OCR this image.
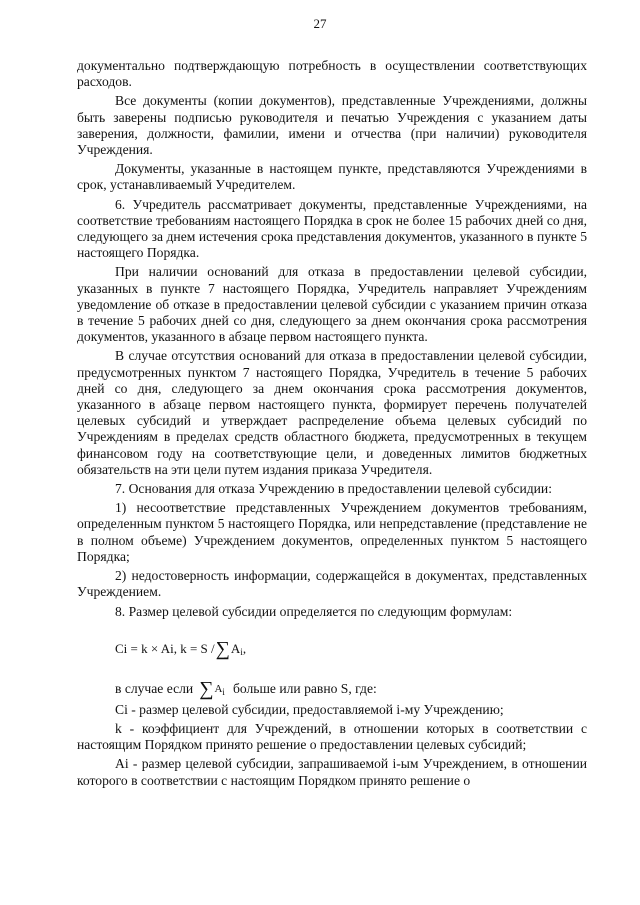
27

документально подтверждающую потребность в осуществлении соответствующих расходов.

Все документы (копии документов), представленные Учреждениями, должны быть заверены подписью руководителя и печатью Учреждения с указанием даты заверения, должности, фамилии, имени и отчества (при наличии) руководителя Учреждения.

Документы, указанные в настоящем пункте, представляются Учреждениями в срок, устанавливаемый Учредителем.

6. Учредитель рассматривает документы, представленные Учреждениями, на соответствие требованиям настоящего Порядка в срок не более 15 рабочих дней со дня, следующего за днем истечения срока представления документов, указанного в пункте 5 настоящего Порядка.

При наличии оснований для отказа в предоставлении целевой субсидии, указанных в пункте 7 настоящего Порядка, Учредитель направляет Учреждениям уведомление об отказе в предоставлении целевой субсидии с указанием причин отказа в течение 5 рабочих дней со дня, следующего за днем окончания срока рассмотрения документов, указанного в абзаце первом настоящего пункта.

В случае отсутствия оснований для отказа в предоставлении целевой субсидии, предусмотренных пунктом 7 настоящего Порядка, Учредитель в течение 5 рабочих дней со дня, следующего за днем окончания срока рассмотрения документов, указанного в абзаце первом настоящего пункта, формирует перечень получателей целевых субсидий и утверждает распределение объема целевых субсидий по Учреждениям в пределах средств областного бюджета, предусмотренных в текущем финансовом году на соответствующие цели, и доведенных лимитов бюджетных обязательств на эти цели путем издания приказа Учредителя.

7. Основания для отказа Учреждению в предоставлении целевой субсидии:

1) несоответствие представленных Учреждением документов требованиям, определенным пунктом 5 настоящего Порядка, или непредставление (представление не в полном объеме) Учреждением документов, определенных пунктом 5 настоящего Порядка;

2) недостоверность информации, содержащейся в документах, представленных Учреждением.

8. Размер целевой субсидии определяется по следующим формулам:

Ci = k × Ai, k = S / ∑ A i ,
в случае если ∑ $A_i$ больше или равно S, где:

Ci - размер целевой субсидии, предоставляемой i-му Учреждению;

k - коэффициент для Учреждений, в отношении которых в соответствии с настоящим Порядком принято решение о предоставлении целевых субсидий;

Ai - размер целевой субсидии, запрашиваемой i-ым Учреждением, в отношении которого в соответствии с настоящим Порядком принято решение о
